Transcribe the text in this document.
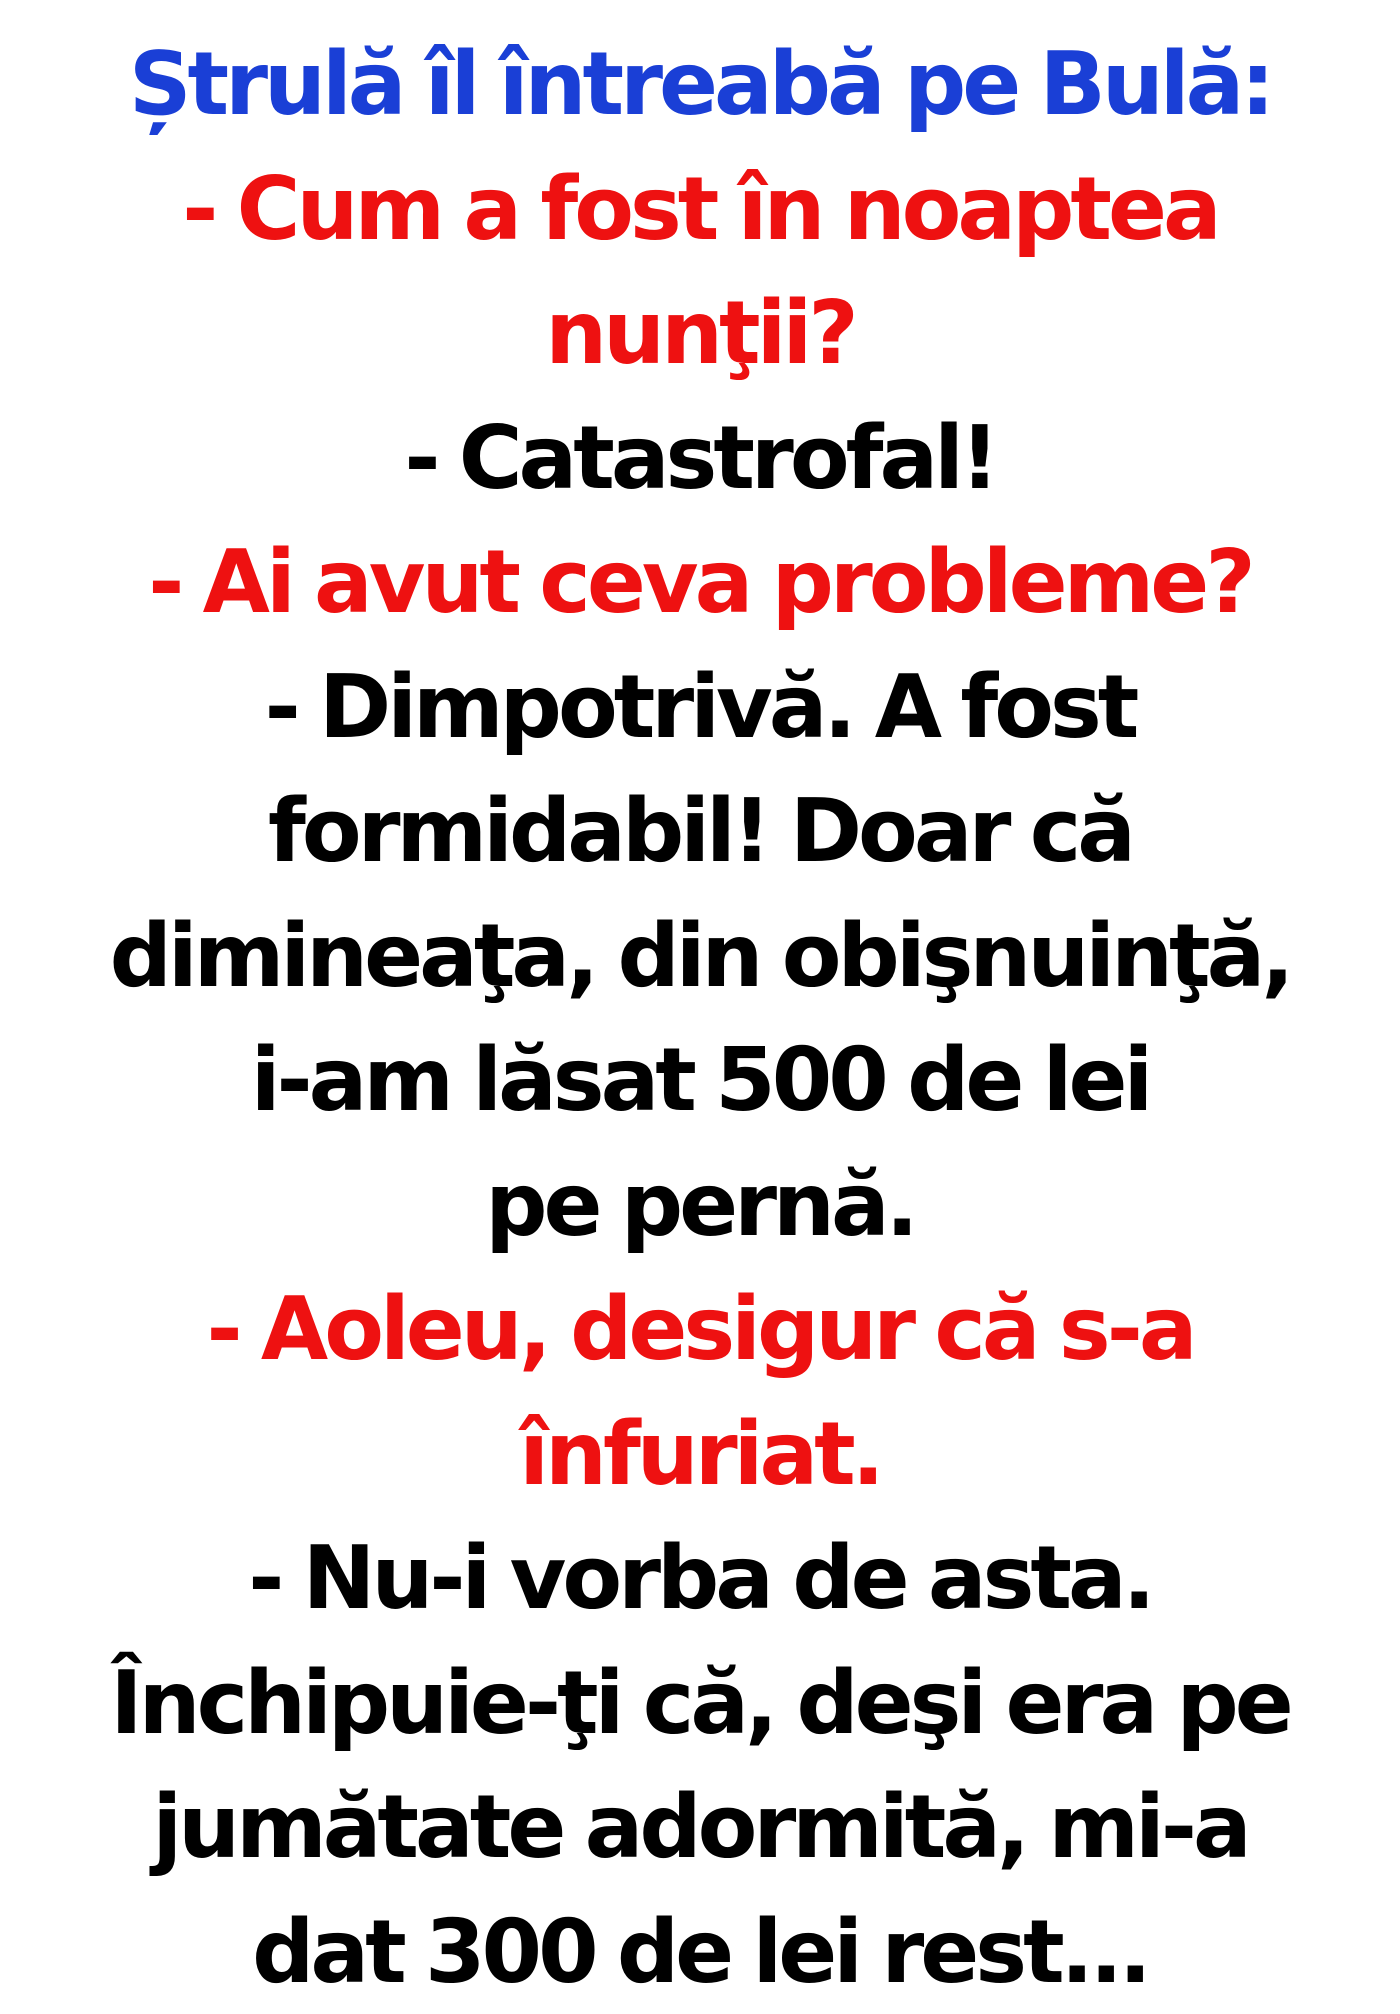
Ștrulă îl întreabă pe Bulă:
- Cum a fost în noaptea
nunţii?
- Catastrofal!
- Ai avut ceva probleme?
- Dimpotrivă. A fost
formidabil! Doar că
dimineaţa, din obişnuinţă,
i-am lăsat 500 de lei
pe pernă.
- Aoleu, desigur că s-a
înfuriat.
- Nu-i vorba de asta.
Închipuie-ţi că, deşi era pe
jumătate adormită, mi-a
dat 300 de lei rest...
